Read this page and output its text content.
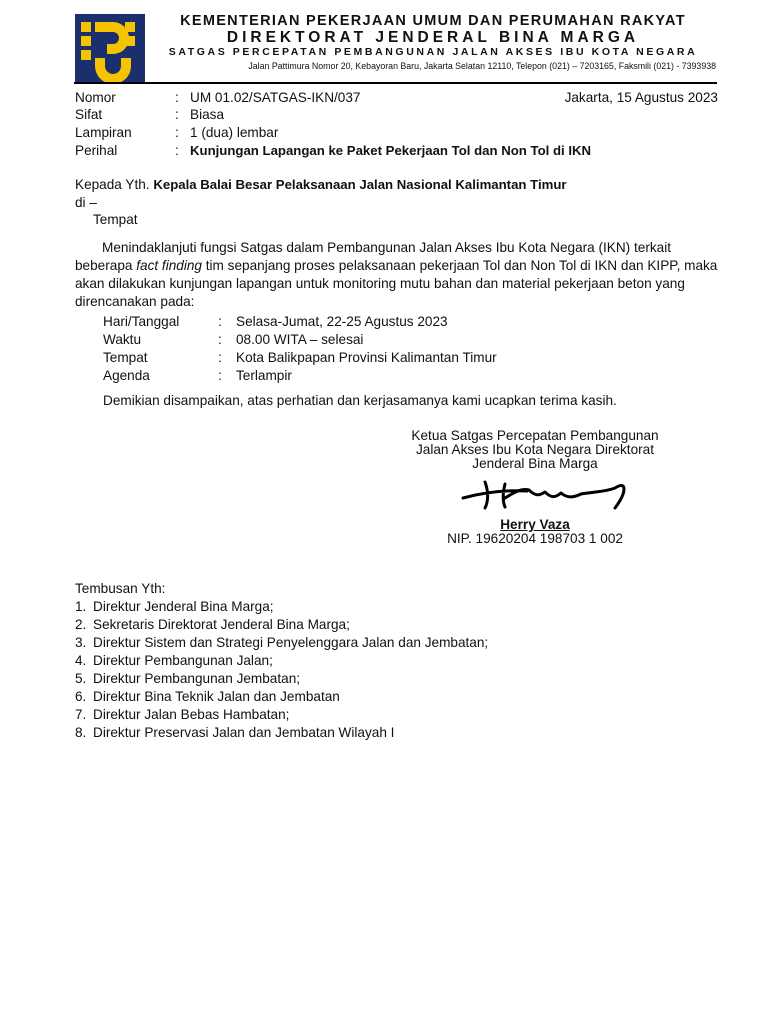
KEMENTERIAN PEKERJAAN UMUM DAN PERUMAHAN RAKYAT
DIREKTORAT JENDERAL BINA MARGA
SATGAS PERCEPATAN PEMBANGUNAN JALAN AKSES IBU KOTA NEGARA
Jalan Pattimura Nomor 20, Kebayoran Baru, Jakarta Selatan 12110, Telepon (021) – 7203165, Faksmili (021) - 7393938
Nomor	: UM 01.02/SATGAS-IKN/037	Jakarta, 15 Agustus 2023
Sifat	: Biasa
Lampiran	: 1 (dua) lembar
Perihal	: Kunjungan Lapangan ke Paket Pekerjaan Tol dan Non Tol di IKN
Kepada Yth. Kepala Balai Besar Pelaksanaan Jalan Nasional Kalimantan Timur
di –
Tempat

Menindaklanjuti fungsi Satgas dalam Pembangunan Jalan Akses Ibu Kota Negara (IKN) terkait beberapa fact finding tim sepanjang proses pelaksanaan pekerjaan Tol dan Non Tol di IKN dan KIPP, maka akan dilakukan kunjungan lapangan untuk monitoring mutu bahan dan material pekerjaan beton yang direncanakan pada:

Hari/Tanggal	: Selasa-Jumat, 22-25 Agustus 2023
Waktu	: 08.00 WITA – selesai
Tempat	: Kota Balikpapan Provinsi Kalimantan Timur
Agenda	: Terlampir
Demikian disampaikan, atas perhatian dan kerjasamanya kami ucapkan terima kasih.
Ketua Satgas Percepatan Pembangunan
Jalan Akses Ibu Kota Negara Direktorat
Jenderal Bina Marga
Herry Vaza
NIP. 19620204 198703 1 002
Tembusan Yth:
1. Direktur Jenderal Bina Marga;
2. Sekretaris Direktorat Jenderal Bina Marga;
3. Direktur Sistem dan Strategi Penyelenggara Jalan dan Jembatan;
4. Direktur Pembangunan Jalan;
5. Direktur Pembangunan Jembatan;
6. Direktur Bina Teknik Jalan dan Jembatan
7. Direktur Jalan Bebas Hambatan;
8. Direktur Preservasi Jalan dan Jembatan Wilayah I
